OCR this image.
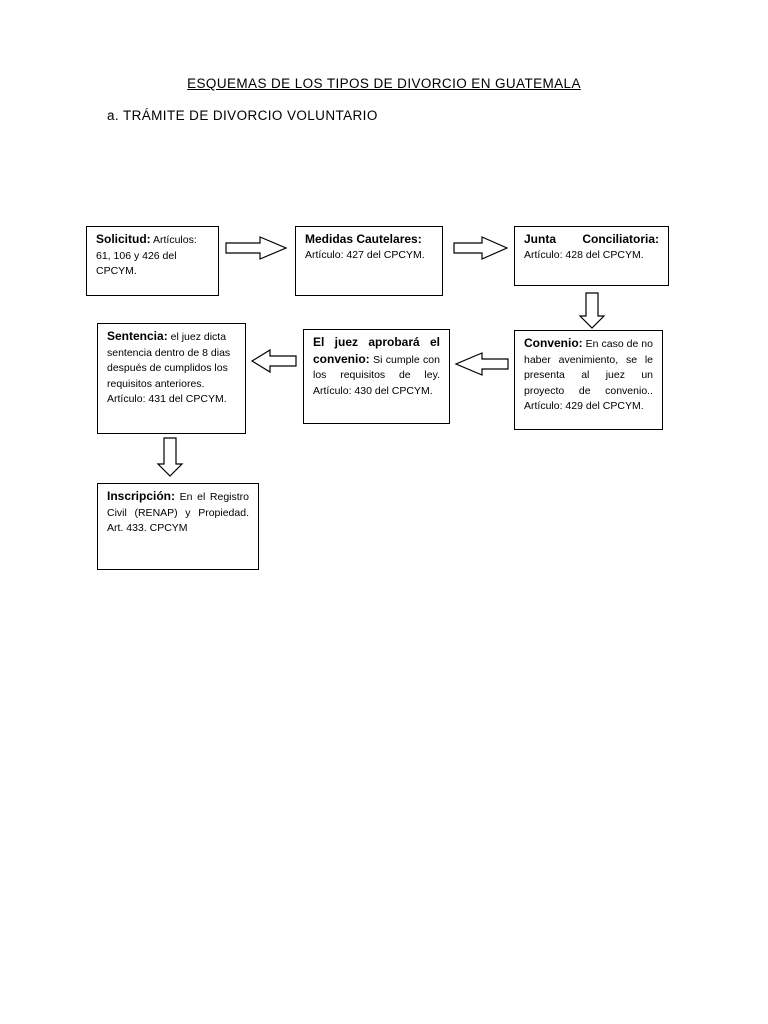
ESQUEMAS DE LOS TIPOS DE DIVORCIO EN GUATEMALA
a. TRÁMITE DE DIVORCIO VOLUNTARIO

Solicitud: Artículos: 61, 106 y 426 del CPCYM.

Medidas Cautelares:

Artículo: 427 del CPCYM.

Junta Conciliatoria:

Artículo: 428 del CPCYM.

Convenio: En caso de no haber avenimiento, se le presenta al juez un proyecto de convenio.. Artículo: 429 del CPCYM.

El juez aprobará el convenio: Si cumple con los requisitos de ley. Artículo: 430 del CPCYM.

Sentencia: el juez dicta sentencia dentro de 8 dias después de cumplidos los requisitos anteriores. Artículo: 431 del CPCYM.

Inscripción: En el Registro Civil (RENAP) y Propiedad. Art. 433. CPCYM
